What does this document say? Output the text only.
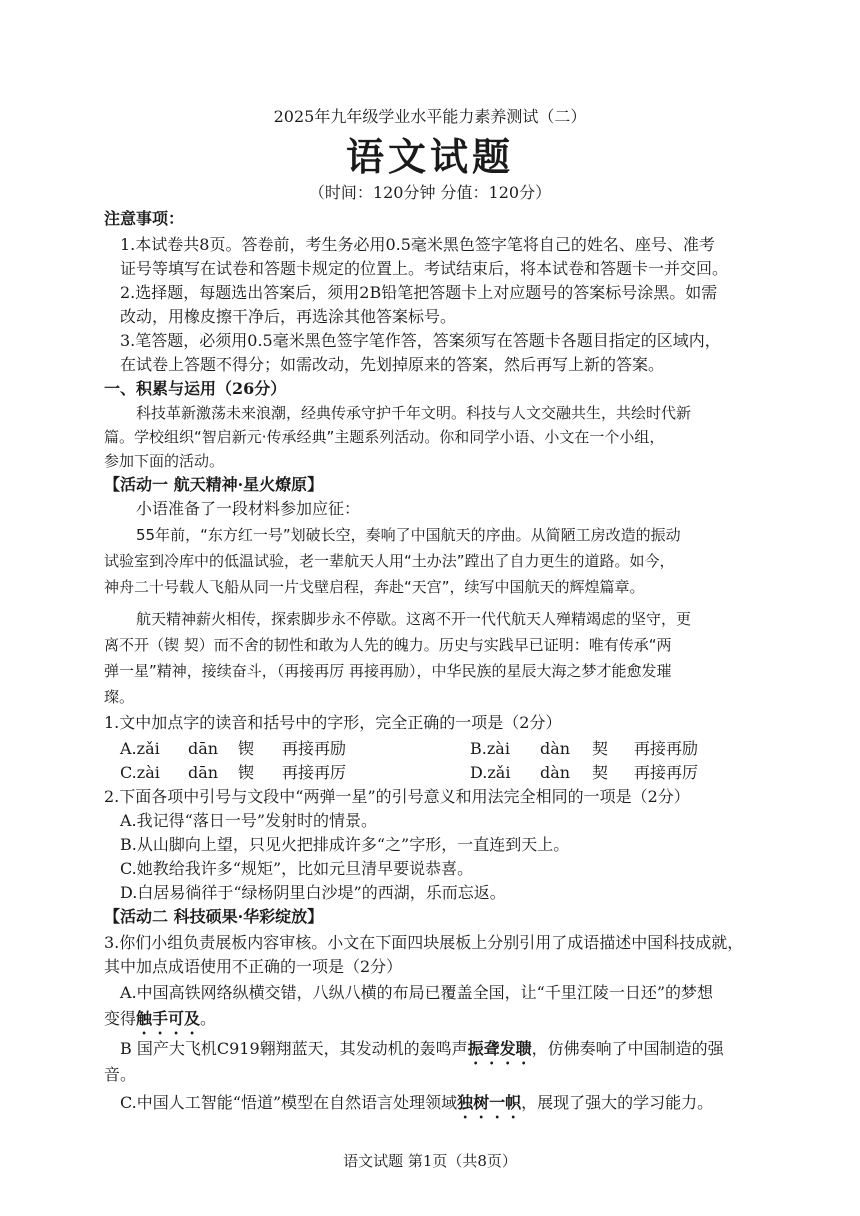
2025年九年级学业水平能力素养测试（二）
语文试题
（时间：120分钟 分值：120分）
注意事项：
1.本试卷共8页。答卷前，考生务必用0.5毫米黑色签字笔将自己的姓名、座号、准考
证号等填写在试卷和答题卡规定的位置上。考试结束后，将本试卷和答题卡一并交回。
2.选择题，每题选出答案后，须用2B铅笔把答题卡上对应题号的答案标号涂黑。如需
改动，用橡皮擦干净后，再选涂其他答案标号。
3.笔答题，必须用0.5毫米黑色签字笔作答，答案须写在答题卡各题目指定的区域内，
在试卷上答题不得分；如需改动，先划掉原来的答案，然后再写上新的答案。
一、积累与运用（26分）
科技革新激荡未来浪潮，经典传承守护千年文明。科技与人文交融共生，共绘时代新
篇。学校组织“智启新元·传承经典”主题系列活动。你和同学小语、小文在一个小组，
参加下面的活动。
【活动一 航天精神·星火燎原】
小语准备了一段材料参加应征：
55年前，“东方红一号”划破长空，奏响了中国航天的序曲。从简陋工房改造的振动
试验室到冷库中的低温试验，老一辈航天人用“土办法”蹚出了自力更生的道路。如今，
神舟二十号载人飞船从同一片戈壁启程，奔赴“天宫”，续写中国航天的辉煌篇章。
航天精神薪火相传，探索脚步永不停歇。这离不开一代代航天人殚精竭虑的坚守，更
离不开（锲 契）而不舍的韧性和敢为人先的魄力。历史与实践早已证明：唯有传承“两
弹一星”精神，接续奋斗，（再接再厉 再接再励），中华民族的星辰大海之梦才能愈发璀
璨。
1.文中加点字的读音和括号中的字形，完全正确的一项是（2分）
A.zǎi dān 锲 再接再励	B.zài dàn 契 再接再励
C.zài dān 锲 再接再厉	D.zǎi dàn 契 再接再厉
2.下面各项中引号与文段中“两弹一星”的引号意义和用法完全相同的一项是（2分）
A.我记得“落日一号”发射时的情景。
B.从山脚向上望，只见火把排成许多“之”字形，一直连到天上。
C.她教给我许多“规矩”，比如元旦清早要说恭喜。
D.白居易徜徉于“绿杨阴里白沙堤”的西湖，乐而忘返。
【活动二 科技硕果·华彩绽放】
3.你们小组负责展板内容审核。小文在下面四块展板上分别引用了成语描述中国科技成就，
其中加点成语使用不正确的一项是（2分）
A.中国高铁网络纵横交错，八纵八横的布局已覆盖全国，让“千里江陵一日还”的梦想
变得触手可及。
B 国产大飞机C919翱翔蓝天，其发动机的轰鸣声振聋发聩，仿佛奏响了中国制造的强
音。
C.中国人工智能“悟道”模型在自然语言处理领域独树一帜，展现了强大的学习能力。
语文试题 第1页（共8页）
